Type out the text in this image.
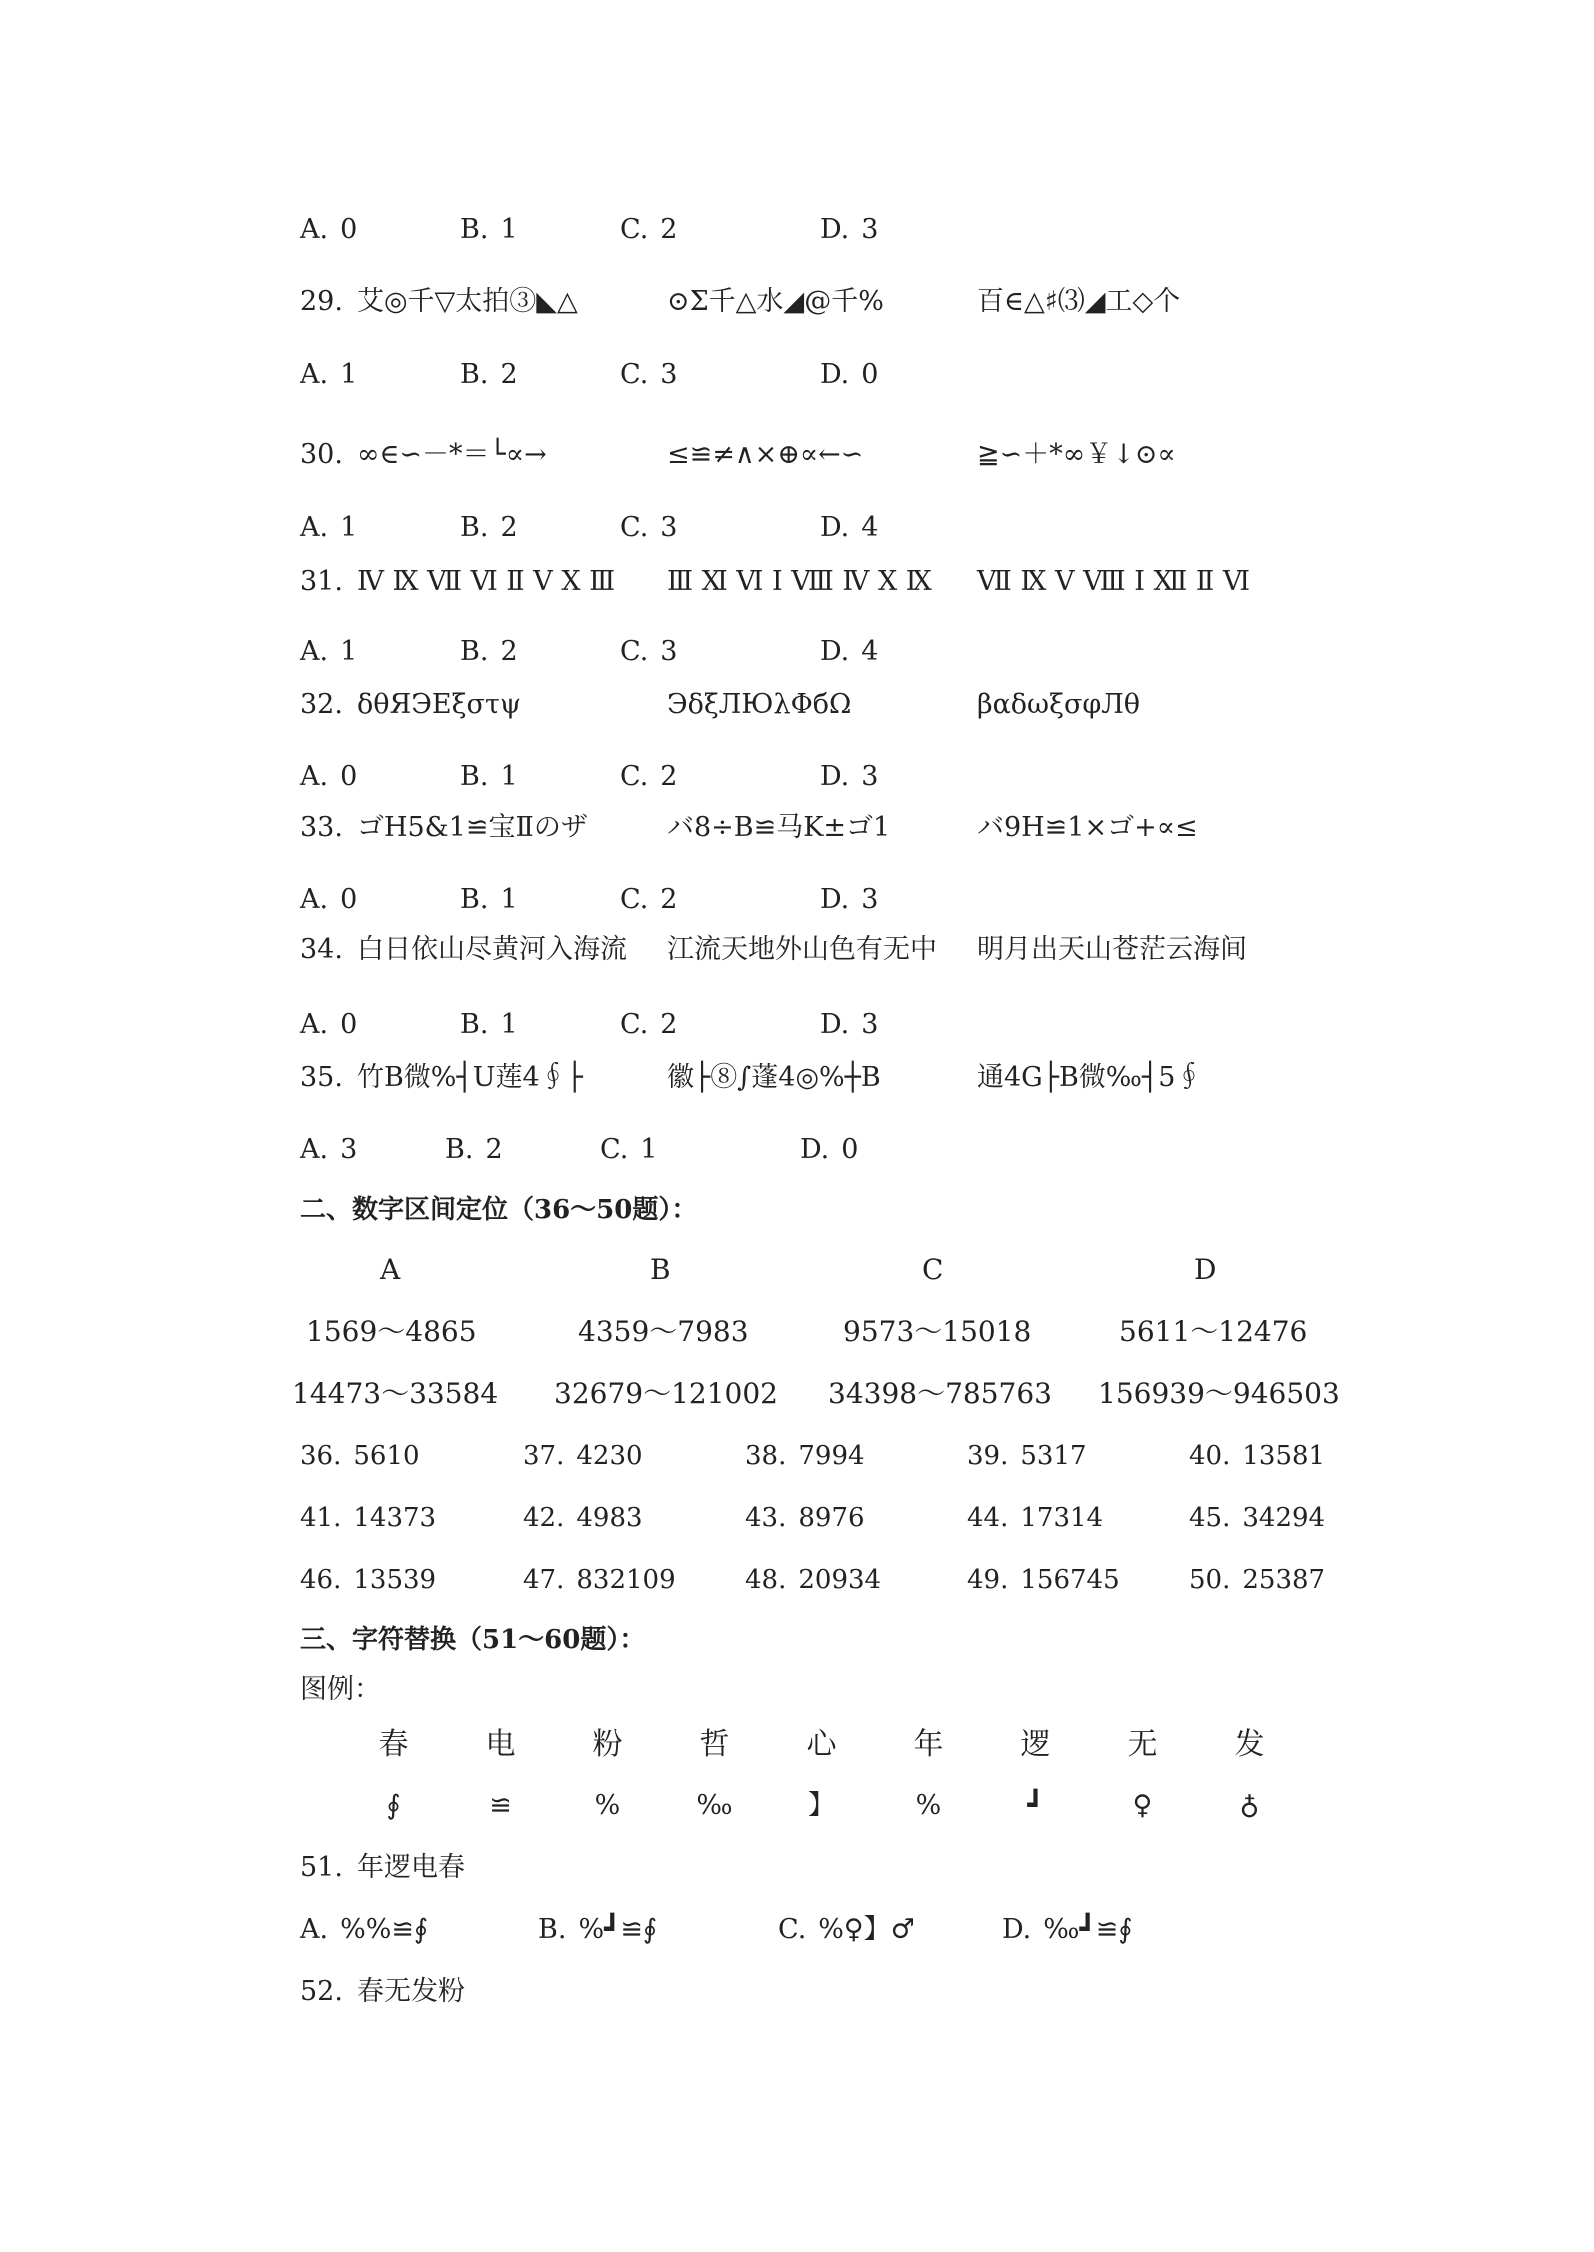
A. 0	B. 1	C. 2	D. 3
29. 艾◎千▽太拍③◣△	⊙Σ千△水◢@千%	百∈△♯⑶◢工◇个
A. 1	B. 2	C. 3	D. 0
30. ∞∈∽－*＝└∝→	≤≌≠∧×⊕∝←∽	≧∽＋*∞￥↓⊙∝
A. 1	B. 2	C. 3	D. 4
31. Ⅳ Ⅸ Ⅶ Ⅵ Ⅱ Ⅴ Ⅹ Ⅲ	Ⅲ Ⅺ Ⅵ Ⅰ Ⅷ Ⅳ Ⅹ Ⅸ	Ⅶ Ⅸ Ⅴ Ⅷ Ⅰ Ⅻ Ⅱ Ⅵ
A. 1	B. 2	C. 3	D. 4
32. δθЯЭΕξστψ	ЭδξЛЮλΦбΩ	βαδωξσφЛθ
A. 0	B. 1	C. 2	D. 3
33. ゴH5&1≌宝Ⅱのザ	バ8÷B≌马K±ゴ1	バ9H≌1×ゴ+∝≤
A. 0	B. 1	C. 2	D. 3
34. 白日依山尽黄河入海流	江流天地外山色有无中	明月出天山苍茫云海间
A. 0	B. 1	C. 2	D. 3
35. 竹B微%┤U莲4∮├	徽├⑧∫蓬4◎%┼B	通4G├B微‰┤5∮
A. 3	B. 2	C. 1	D. 0
二、数字区间定位（36～50题）：
A	B	C	D
1569～4865	4359～7983	9573～15018	5611～12476
14473～33584	32679～121002	34398～785763	156939～946503
36. 5610	37. 4230	38. 7994	39. 5317	40. 13581
41. 14373	42. 4983	43. 8976	44. 17314	45. 34294
46. 13539	47. 832109	48. 20934	49. 156745	50. 25387
三、字符替换（51～60题）：
图例：
春	电	粉	哲	心	年	逻	无	发
∮	≌	%	‰	】	%	┛	♀	♁
51. 年逻电春
A. %%≌∮	B. %┛≌∮	C. %♀】♂	D. ‰┛≌∮
52. 春无发粉
